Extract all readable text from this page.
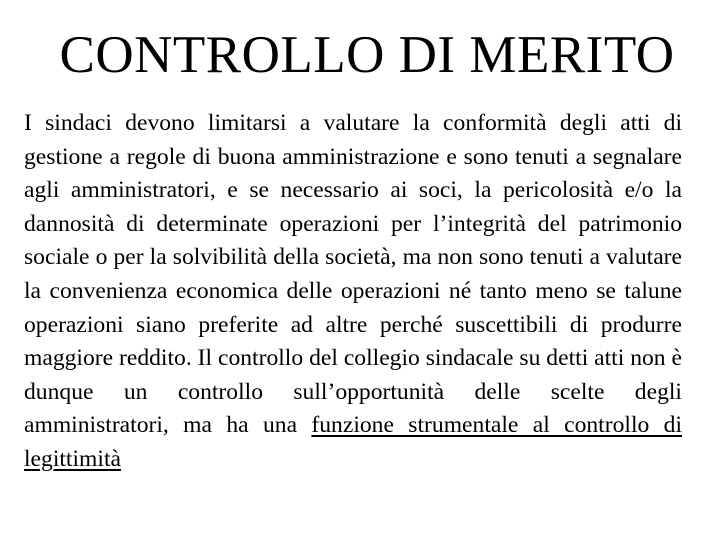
CONTROLLO DI MERITO

I sindaci devono limitarsi a valutare la conformità degli atti di gestione a regole di buona amministrazione e sono tenuti a segnalare agli amministratori, e se necessario ai soci, la pericolosità e/o la dannosità di determinate operazioni per l’integrità del patrimonio sociale o per la solvibilità della società, ma non sono tenuti a valutare la convenienza economica delle operazioni né tanto meno se talune operazioni siano preferite ad altre perché suscettibili di produrre maggiore reddito. Il controllo del collegio sindacale su detti atti non è dunque un controllo sull’opportunità delle scelte degli amministratori, ma ha una funzione strumentale al controllo di legittimità
